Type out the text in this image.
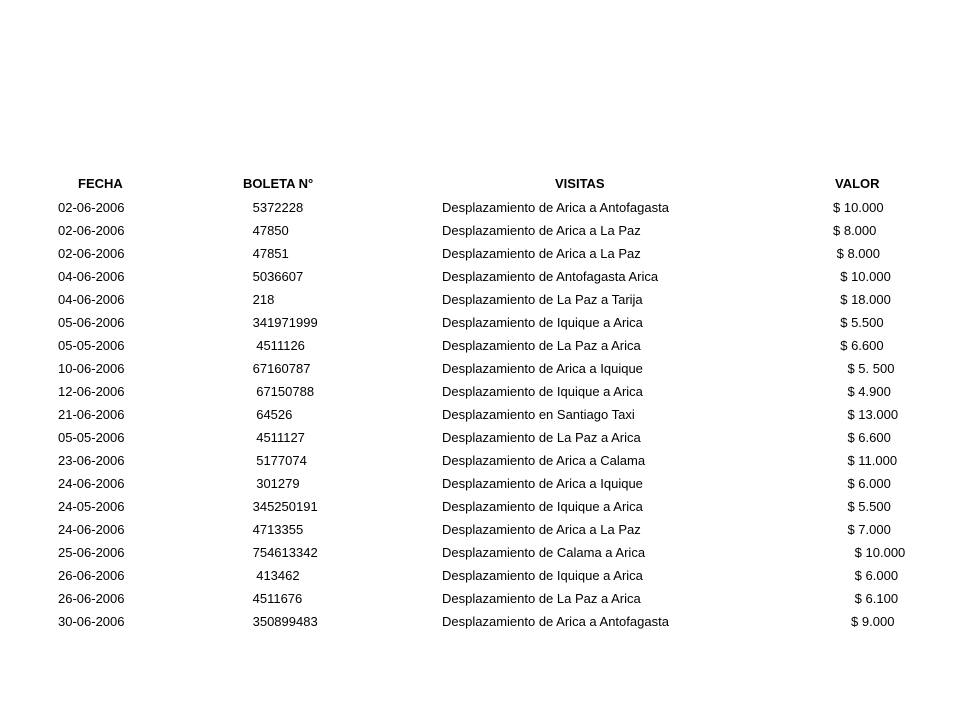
FECHA	BOLETA N°	VISITAS	VALOR
02-06-2006	5372228	Desplazamiento de Arica a Antofagasta	$ 10.000
02-06-2006	47850	Desplazamiento de Arica a La Paz	$ 8.000
02-06-2006	47851	Desplazamiento de Arica a La Paz	$ 8.000
04-06-2006	5036607	Desplazamiento de Antofagasta Arica	$ 10.000
04-06-2006	218	Desplazamiento de La Paz a Tarija	$ 18.000
05-06-2006	341971999	Desplazamiento de Iquique a Arica	$ 5.500
05-05-2006	4511126	Desplazamiento de La Paz a Arica	$ 6.600
10-06-2006	67160787	Desplazamiento de Arica a Iquique	$ 5. 500
12-06-2006	67150788	Desplazamiento de Iquique a Arica	$ 4.900
21-06-2006	64526	Desplazamiento en Santiago Taxi	$ 13.000
05-05-2006	4511127	Desplazamiento de La Paz a Arica	$ 6.600
23-06-2006	5177074	Desplazamiento de Arica a Calama	$ 11.000
24-06-2006	301279	Desplazamiento de Arica a Iquique	$ 6.000
24-05-2006	345250191	Desplazamiento de Iquique a Arica	$ 5.500
24-06-2006	4713355	Desplazamiento de Arica a La Paz	$ 7.000
25-06-2006	754613342	Desplazamiento de Calama a Arica	$ 10.000
26-06-2006	413462	Desplazamiento de Iquique a Arica	$ 6.000
26-06-2006	4511676	Desplazamiento de La Paz a Arica	$ 6.100
30-06-2006	350899483	Desplazamiento de Arica a Antofagasta	$ 9.000
